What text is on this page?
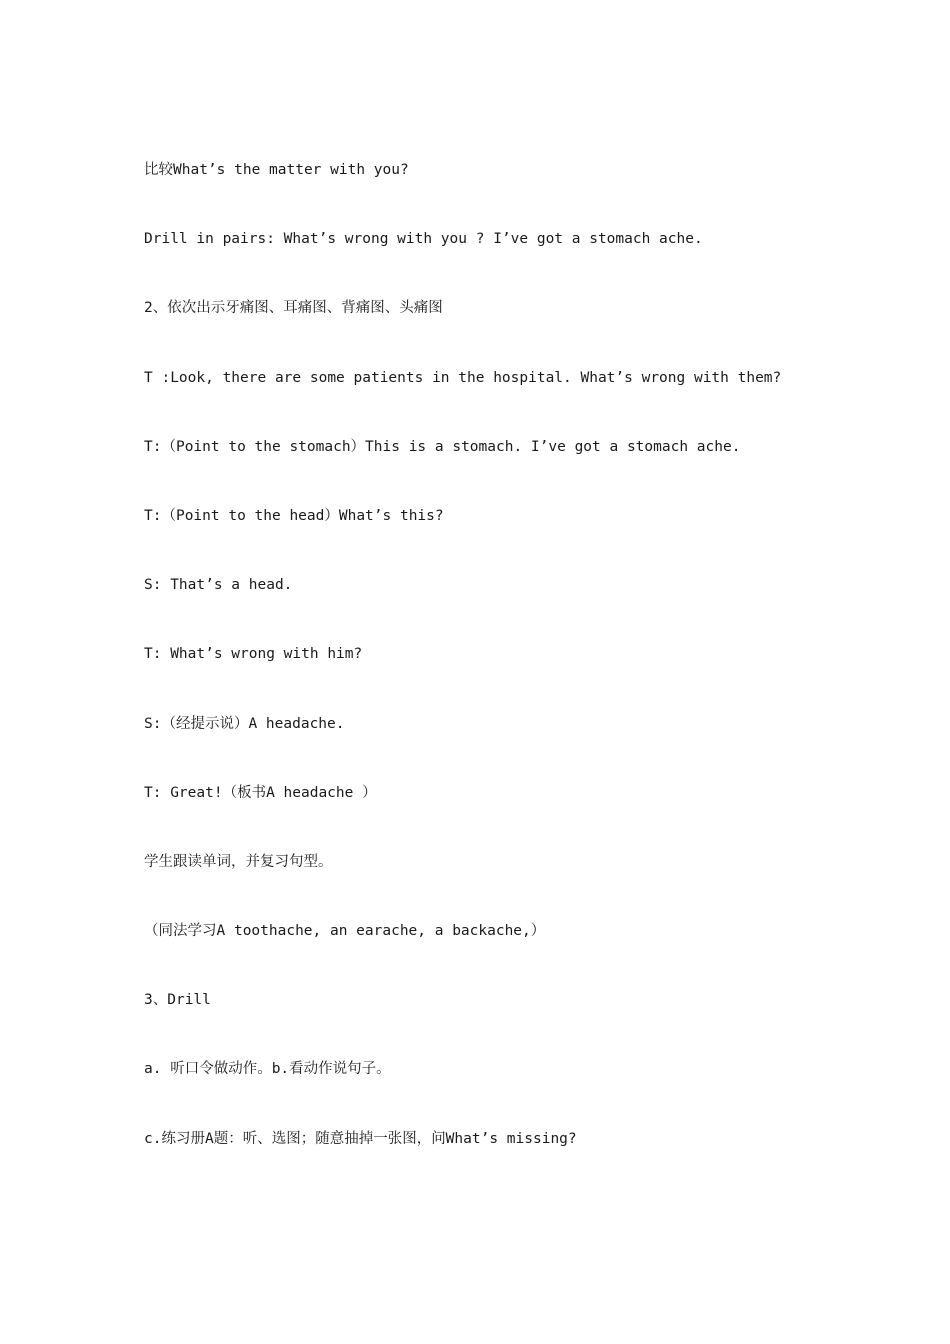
比较What’s the matter with you?

Drill in pairs: What’s wrong with you ? I’ve got a stomach ache.

2、依次出示牙痛图、耳痛图、背痛图、头痛图

T :Look, there are some patients in the hospital. What’s wrong with them?

T:（Point to the stomach）This is a stomach. I’ve got a stomach ache.

T:（Point to the head）What’s this?

S: That’s a head.

T: What’s wrong with him?

S:（经提示说）A headache.

T: Great!（板书A headache ）

学生跟读单词，并复习句型。

（同法学习A toothache, an earache, a backache,）

3、Drill

a. 听口令做动作。b.看动作说句子。

c.练习册A题：听、选图；随意抽掉一张图，问What’s missing?
